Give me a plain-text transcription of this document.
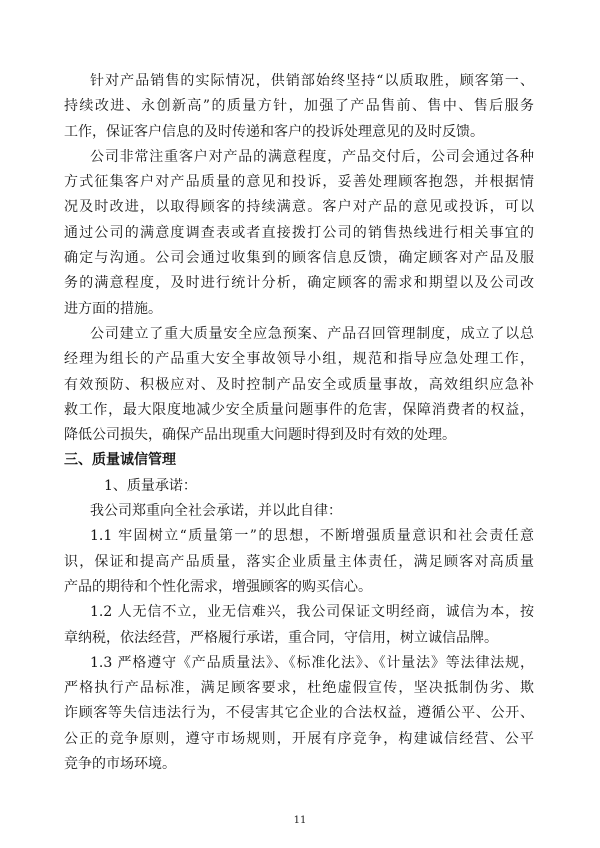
针对产品销售的实际情况，供销部始终坚持“以质取胜，顾客第一、
持续改进、永创新高”的质量方针，加强了产品售前、售中、售后服务
工作，保证客户信息的及时传递和客户的投诉处理意见的及时反馈。
公司非常注重客户对产品的满意程度，产品交付后，公司会通过各种
方式征集客户对产品质量的意见和投诉，妥善处理顾客抱怨，并根据情
况及时改进，以取得顾客的持续满意。客户对产品的意见或投诉，可以
通过公司的满意度调查表或者直接拨打公司的销售热线进行相关事宜的
确定与沟通。公司会通过收集到的顾客信息反馈，确定顾客对产品及服
务的满意程度，及时进行统计分析，确定顾客的需求和期望以及公司改
进方面的措施。
公司建立了重大质量安全应急预案、产品召回管理制度，成立了以总
经理为组长的产品重大安全事故领导小组，规范和指导应急处理工作，
有效预防、积极应对、及时控制产品安全或质量事故，高效组织应急补
救工作，最大限度地减少安全质量问题事件的危害，保障消费者的权益，
降低公司损失，确保产品出现重大问题时得到及时有效的处理。
三、质量诚信管理
1、质量承诺：
我公司郑重向全社会承诺，并以此自律：
1.1 牢固树立“质量第一”的思想，不断增强质量意识和社会责任意
识，保证和提高产品质量，落实企业质量主体责任，满足顾客对高质量
产品的期待和个性化需求，增强顾客的购买信心。
1.2 人无信不立，业无信难兴，我公司保证文明经商，诚信为本，按
章纳税，依法经营，严格履行承诺，重合同，守信用，树立诚信品牌。
1.3 严格遵守《产品质量法》、《标准化法》、《计量法》等法律法规，
严格执行产品标准，满足顾客要求，杜绝虚假宣传，坚决抵制伪劣、欺
诈顾客等失信违法行为，不侵害其它企业的合法权益，遵循公平、公开、
公正的竞争原则，遵守市场规则，开展有序竞争，构建诚信经营、公平
竞争的市场环境。
11
